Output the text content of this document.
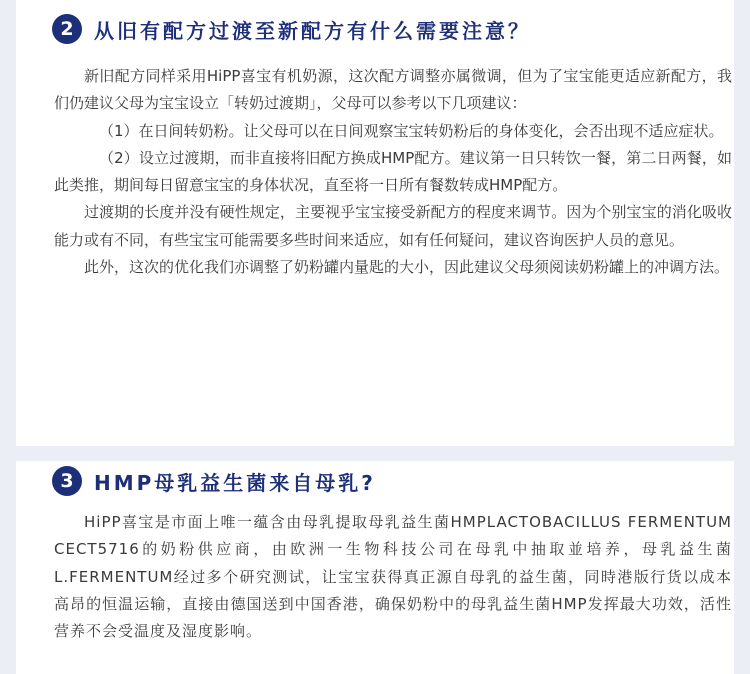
2	从旧有配方过渡至新配方有什么需要注意？

新旧配方同样采用HiPP喜宝有机奶源，这次配方调整亦属微调，但为了宝宝能更适应新配方，我们仍建议父母为宝宝设立「转奶过渡期」，父母可以参考以下几项建议：

（1）在日间转奶粉。让父母可以在日间观察宝宝转奶粉后的身体变化，会否出现不适应症状。

（2）设立过渡期，而非直接将旧配方换成HMP配方。建议第一日只转饮一餐，第二日两餐，如此类推，期间每日留意宝宝的身体状况，直至将一日所有餐数转成HMP配方。

过渡期的长度并没有硬性规定，主要视乎宝宝接受新配方的程度来调节。因为个别宝宝的消化吸收能力或有不同，有些宝宝可能需要多些时间来适应，如有任何疑问，建议咨询医护人员的意见。

此外，这次的优化我们亦调整了奶粉罐内量匙的大小，因此建议父母须阅读奶粉罐上的冲调方法。

3	HMP母乳益生菌来自母乳?

HiPP喜宝是市面上唯一蕴含由母乳提取母乳益生菌HMPLACTOBACILLUS FERMENTUM　CECT5716的奶粉供应商，由欧洲一生物科技公司在母乳中抽取並培养，母乳益生菌L.FERMENTUM经过多个研究测试，让宝宝获得真正源自母乳的益生菌，同時港版行货以成本高昂的恒温运输，直接由德国送到中国香港，确保奶粉中的母乳益生菌HMP发挥最大功效，活性营养不会受温度及湿度影响。
